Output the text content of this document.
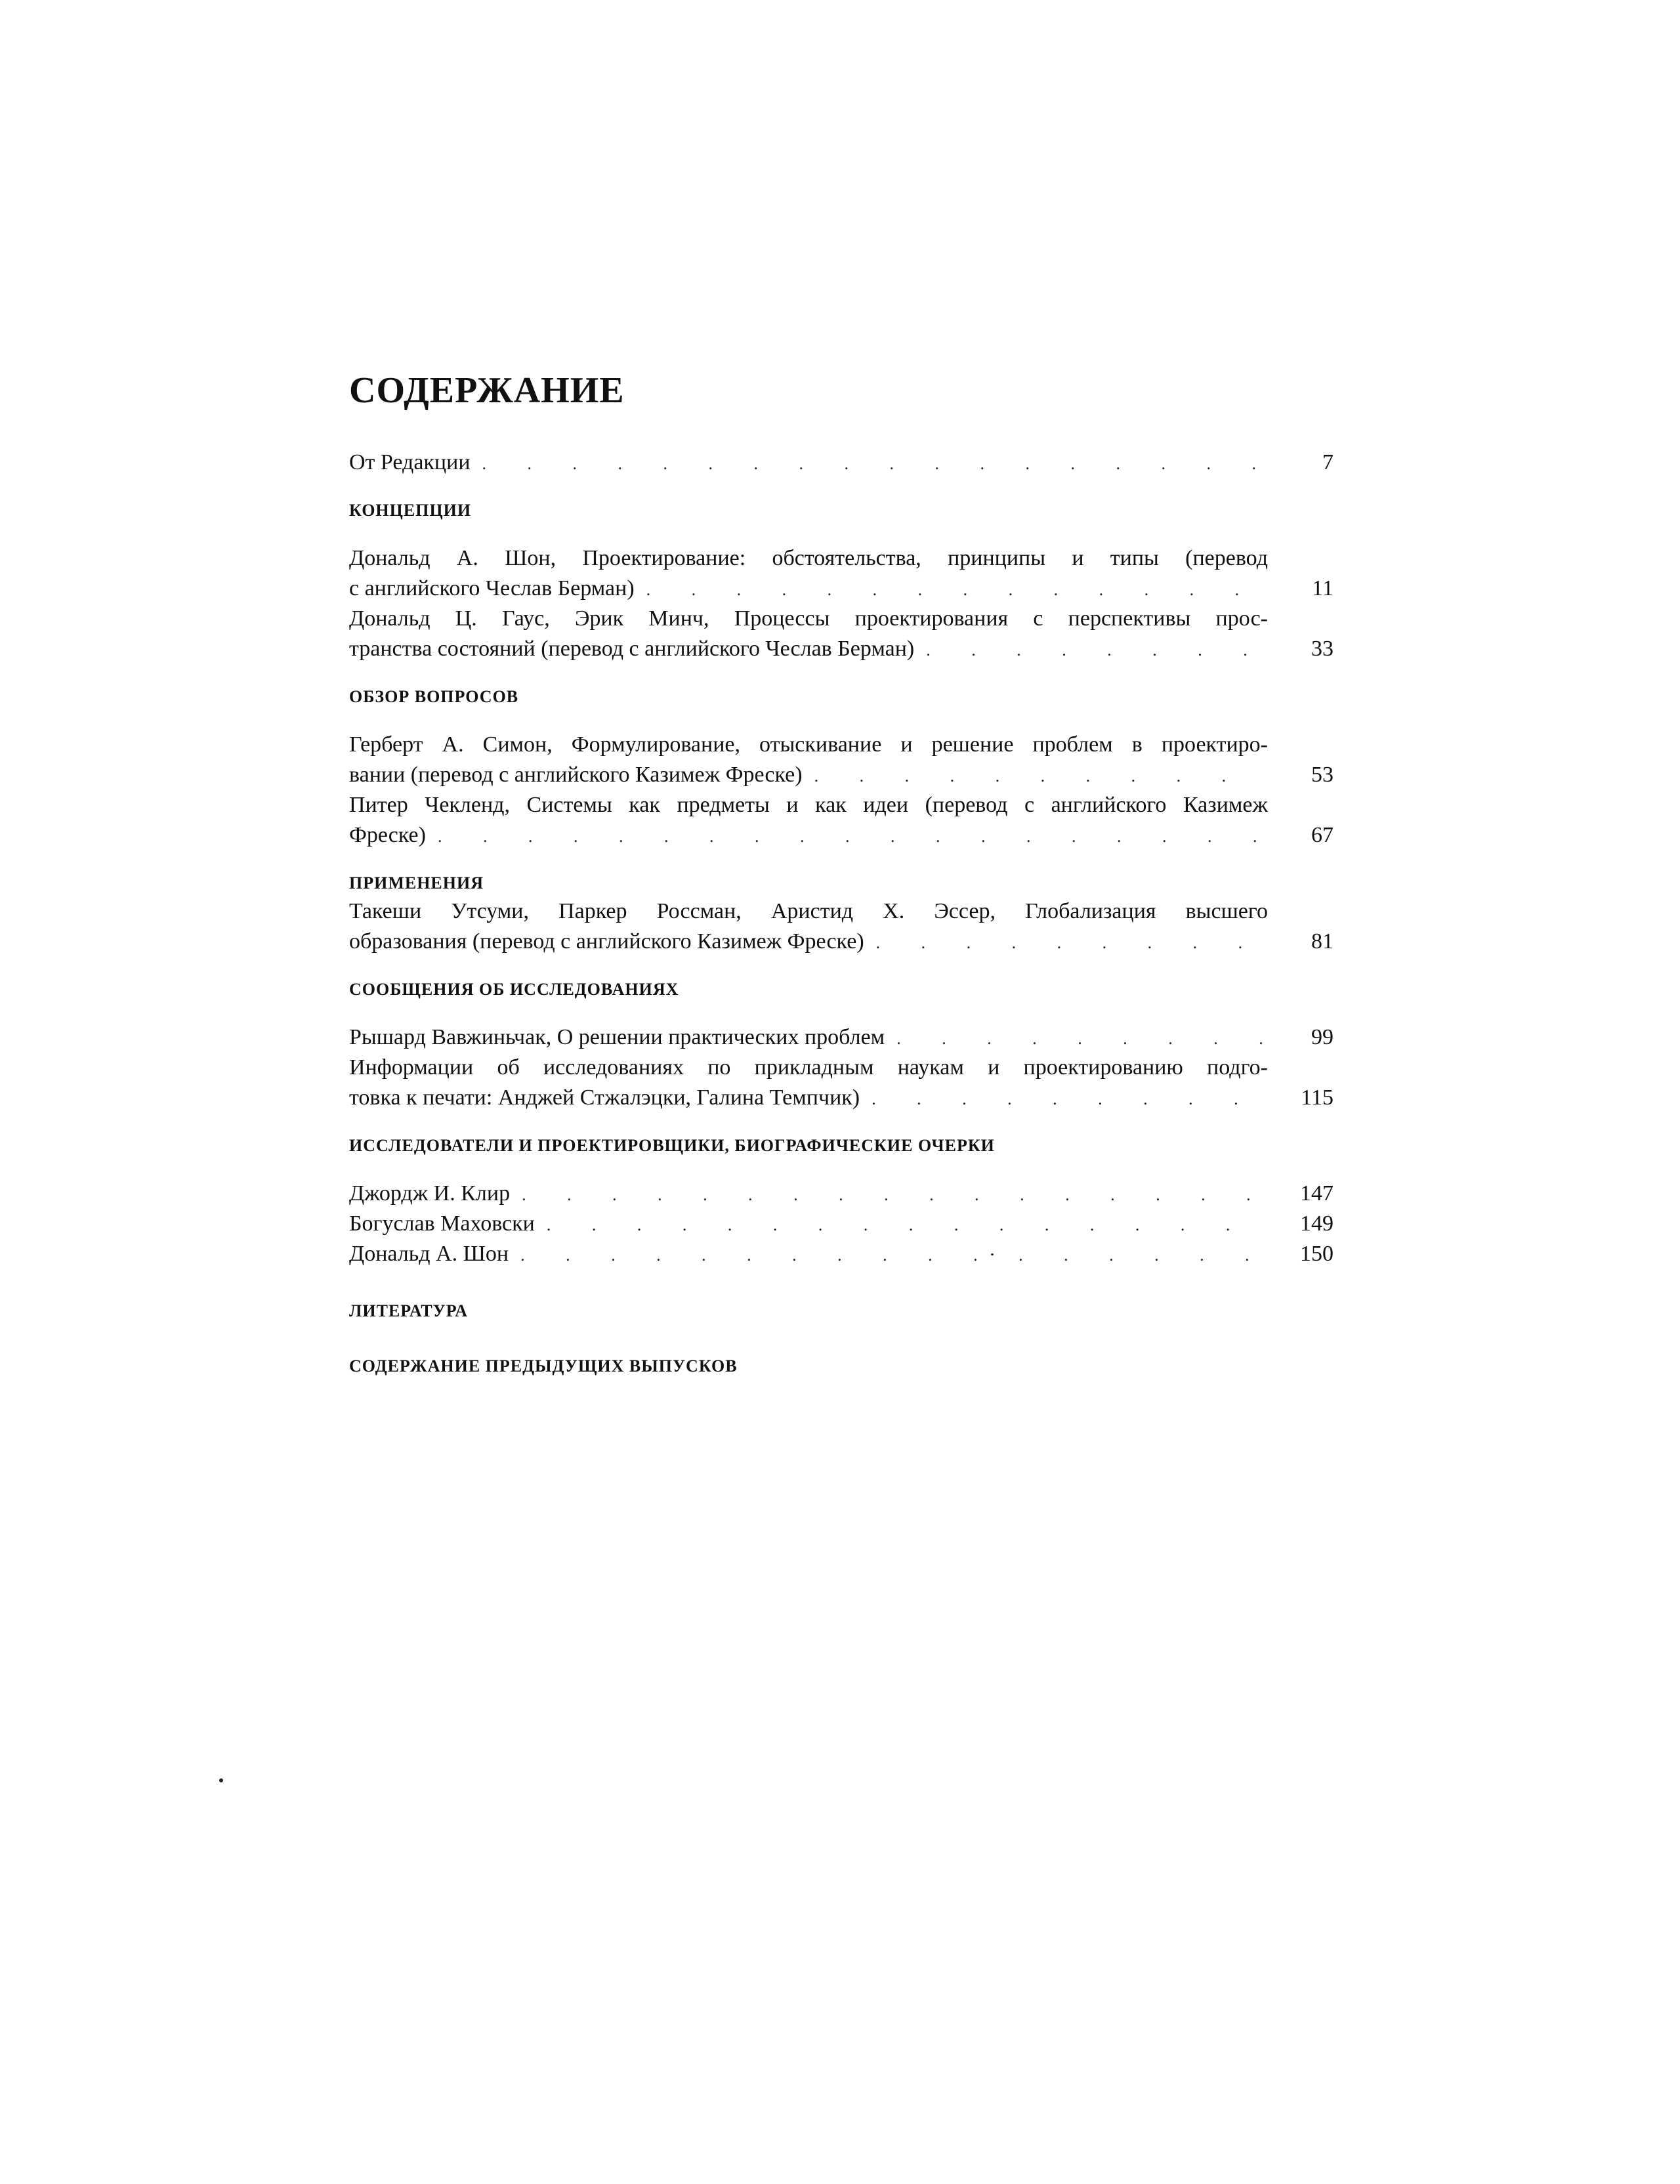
СОДЕРЖАНИЕ
От Редакции . . .	7
КОНЦЕПЦИИ
Дональд А. Шон, Проектирование: обстоятельства, принципы и типы (перевод
с английского Чеслав Берман) . . .	11
Дональд Ц. Гаус, Эрик Минч, Процессы проектирования с перспективы прос-
транства состояний (перевод с английского Чеслав Берман) . . .	33
ОБЗОР ВОПРОСОВ
Герберт А. Симон, Формулирование, отыскивание и решение проблем в проектиро-
вании (перевод с английского Казимеж Фреске) . . .	53
Питер Чекленд, Системы как предметы и как идеи (перевод с английского Казимеж
Фреске) . . .	67
ПРИМЕНЕНИЯ
Такеши Утсуми, Паркер Россман, Аристид Х. Эссер, Глобализация высшего
образования (перевод с английского Казимеж Фреске) . . .	81
СООБЩЕНИЯ ОБ ИССЛЕДОВАНИЯХ
Рышард Вавжиньчак, О решении практических проблем . . .	99
Информации об исследованиях по прикладным наукам и проектированию подго-
товка к печати: Анджей Стжалэцки, Галина Темпчик) . . .	115
ИССЛЕДОВАТЕЛИ И ПРОЕКТИРОВЩИКИ, БИОГРАФИЧЕСКИЕ ОЧЕРКИ
Джордж И. Клир . . .	147
Богуслав Маховски . . .	149
Дональд А. Шон . . .	150
ЛИТЕРАТУРА
СОДЕРЖАНИЕ ПРЕДЫДУЩИХ ВЫПУСКОВ
